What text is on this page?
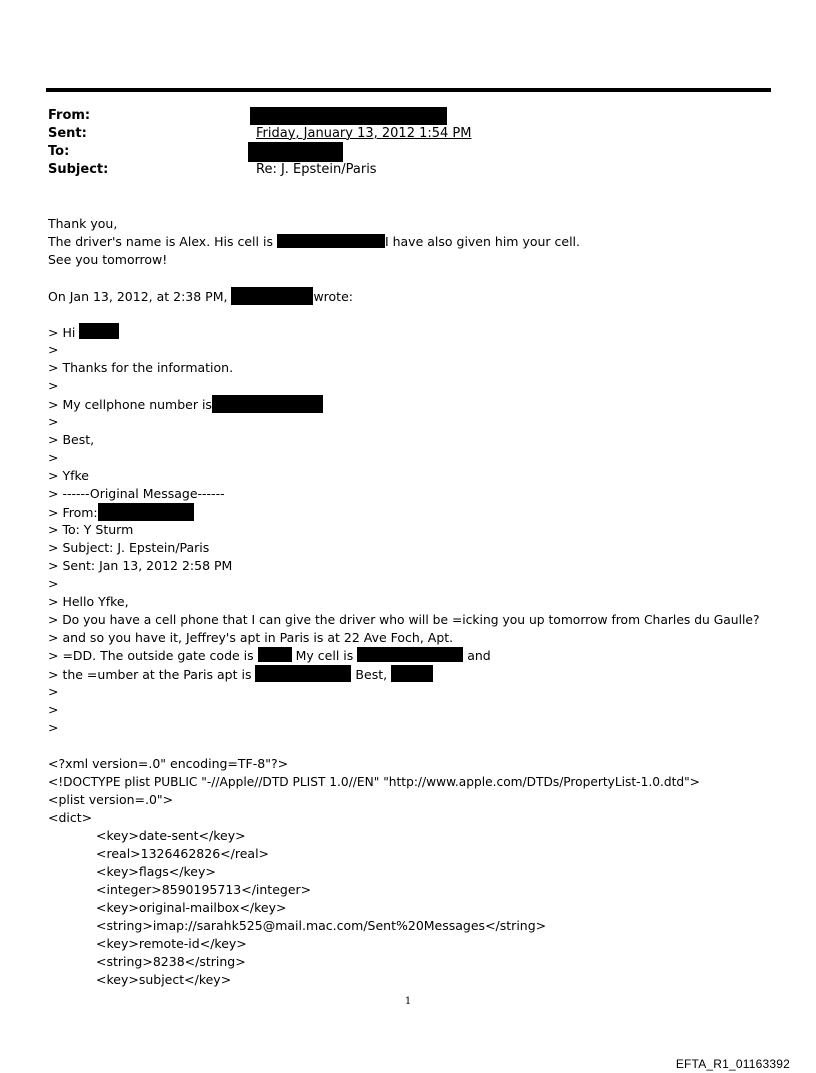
From:
Sent:	Friday, January 13, 2012 1:54 PM
To:
Subject:	Re: J. Epstein/Paris
Thank you,
The driver's name is Alex. His cell is	I have also given him your cell.
See you tomorrow!
On Jan 13, 2012, at 2:38 PM,	wrote:
> Hi
>
> Thanks for the information.
>
> My cellphone number is
>
> Best,
>
> Yfke
> ------Original Message------
> From:
> To: Y Sturm
> Subject: J. Epstein/Paris
> Sent: Jan 13, 2012 2:58 PM
>
> Hello Yfke,
> Do you have a cell phone that I can give the driver who will be =icking you up tomorrow from Charles du Gaulle?
> and so you have it, Jeffrey's apt in Paris is at 22 Ave Foch, Apt.
> =DD. The outside gate code is	My cell is	and
> the =umber at the Paris apt is	Best,
>
>
>
<?xml version=.0" encoding=TF-8"?>
<!DOCTYPE plist PUBLIC "-//Apple//DTD PLIST 1.0//EN" "http://www.apple.com/DTDs/PropertyList-1.0.dtd">
<plist version=.0">
<dict>
<key>date-sent</key>
<real>1326462826</real>
<key>flags</key>
<integer>8590195713</integer>
<key>original-mailbox</key>
<string>imap://sarahk525@mail.mac.com/Sent%20Messages</string>
<key>remote-id</key>
<string>8238</string>
<key>subject</key>
1
EFTA_R1_01163392
